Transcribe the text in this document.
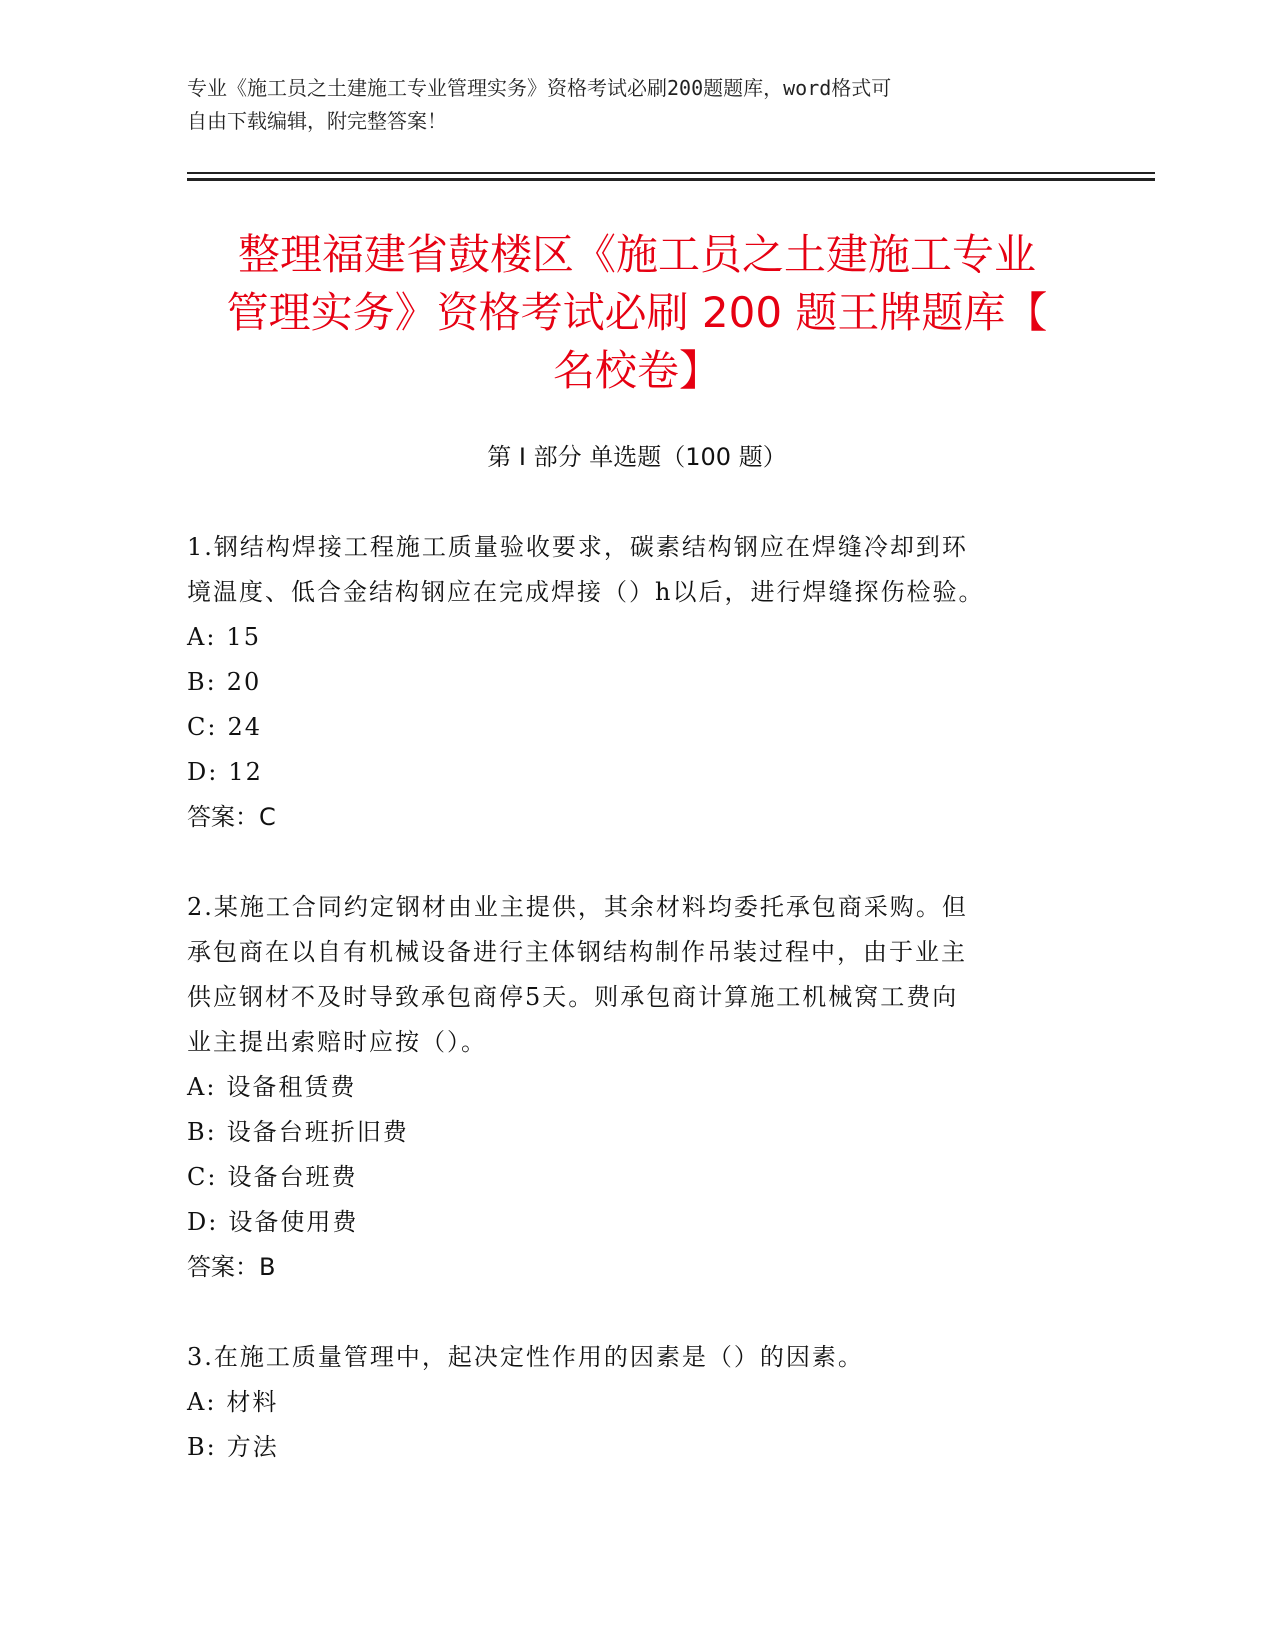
专业《施工员之土建施工专业管理实务》资格考试必刷200题题库，word格式可
自由下载编辑，附完整答案！
整理福建省鼓楼区《施工员之土建施工专业
管理实务》资格考试必刷 200 题王牌题库【
名校卷】
第 I 部分 单选题（100 题）

1.钢结构焊接工程施工质量验收要求，碳素结构钢应在焊缝冷却到环
境温度、低合金结构钢应在完成焊接（）h以后，进行焊缝探伤检验。

A: 15

B: 20

C: 24

D: 12

答案：C

2.某施工合同约定钢材由业主提供，其余材料均委托承包商采购。但
承包商在以自有机械设备进行主体钢结构制作吊装过程中，由于业主
供应钢材不及时导致承包商停5天。则承包商计算施工机械窝工费向
业主提出索赔时应按（）。

A: 设备租赁费

B: 设备台班折旧费

C: 设备台班费

D: 设备使用费

答案：B

3.在施工质量管理中，起决定性作用的因素是（）的因素。

A: 材料

B: 方法
